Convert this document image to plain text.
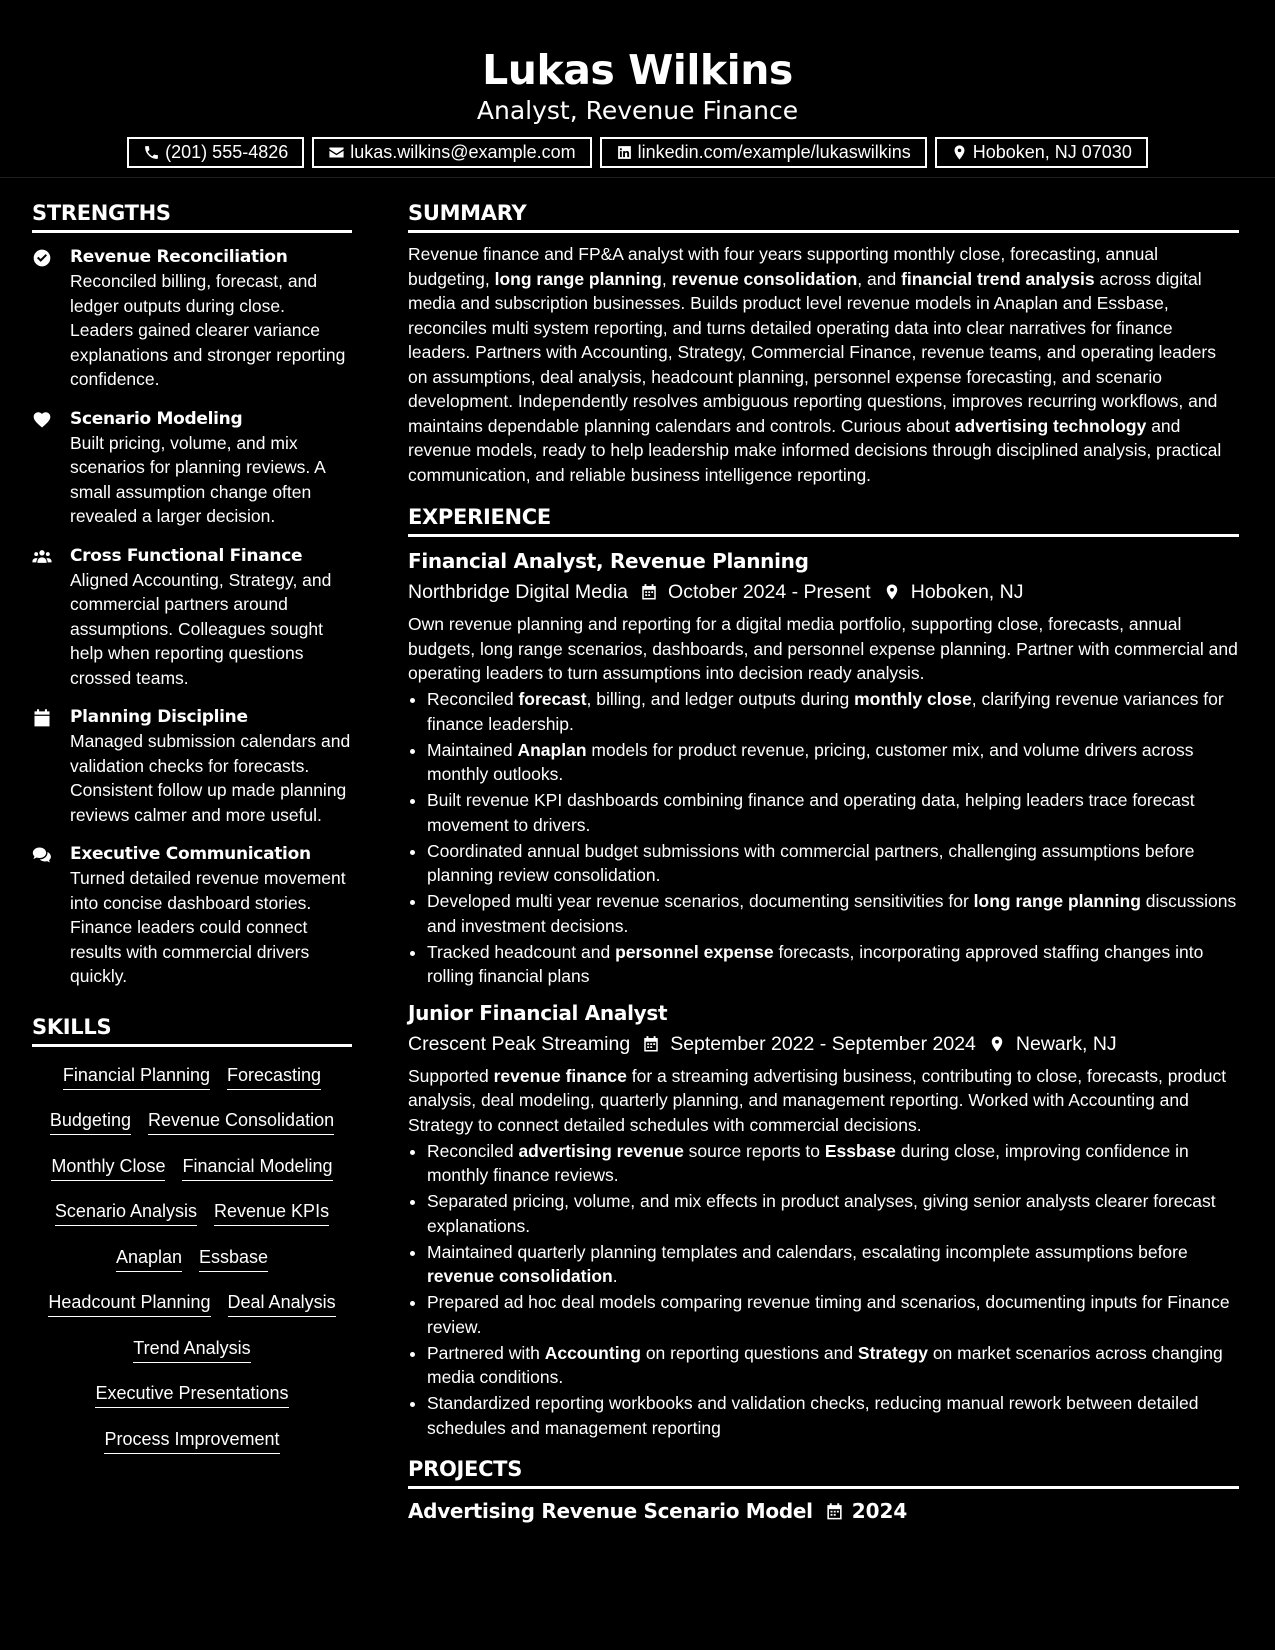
Lukas Wilkins
Analyst, Revenue Finance
(201) 555-4826	lukas.wilkins@example.com	linkedin.com/example/lukaswilkins	Hoboken, NJ 07030
STRENGTHS
Revenue Reconciliation
Reconciled billing, forecast, and ledger outputs during close. Leaders gained clearer variance explanations and stronger reporting confidence.
Scenario Modeling
Built pricing, volume, and mix scenarios for planning reviews. A small assumption change often revealed a larger decision.
Cross Functional Finance
Aligned Accounting, Strategy, and commercial partners around assumptions. Colleagues sought help when reporting questions crossed teams.
Planning Discipline
Managed submission calendars and validation checks for forecasts. Consistent follow up made planning reviews calmer and more useful.
Executive Communication
Turned detailed revenue movement into concise dashboard stories. Finance leaders could connect results with commercial drivers quickly.
SKILLS
Financial Planning Forecasting
Budgeting Revenue Consolidation
Monthly Close Financial Modeling
Scenario Analysis Revenue KPIs
Anaplan Essbase
Headcount Planning Deal Analysis
Trend Analysis
Executive Presentations
Process Improvement
SUMMARY
Revenue finance and FP&A analyst with four years supporting monthly close, forecasting, annual budgeting, long range planning, revenue consolidation, and financial trend analysis across digital media and subscription businesses. Builds product level revenue models in Anaplan and Essbase, reconciles multi system reporting, and turns detailed operating data into clear narratives for finance leaders. Partners with Accounting, Strategy, Commercial Finance, revenue teams, and operating leaders on assumptions, deal analysis, headcount planning, personnel expense forecasting, and scenario development. Independently resolves ambiguous reporting questions, improves recurring workflows, and maintains dependable planning calendars and controls. Curious about advertising technology and revenue models, ready to help leadership make informed decisions through disciplined analysis, practical communication, and reliable business intelligence reporting.
EXPERIENCE
Financial Analyst, Revenue Planning
Northbridge Digital Media October 2024 - Present Hoboken, NJ
Own revenue planning and reporting for a digital media portfolio, supporting close, forecasts, annual budgets, long range scenarios, dashboards, and personnel expense planning. Partner with commercial and operating leaders to turn assumptions into decision ready analysis.
• Reconciled forecast, billing, and ledger outputs during monthly close, clarifying revenue variances for finance leadership.
• Maintained Anaplan models for product revenue, pricing, customer mix, and volume drivers across monthly outlooks.
• Built revenue KPI dashboards combining finance and operating data, helping leaders trace forecast movement to drivers.
• Coordinated annual budget submissions with commercial partners, challenging assumptions before planning review consolidation.
• Developed multi year revenue scenarios, documenting sensitivities for long range planning discussions and investment decisions.
• Tracked headcount and personnel expense forecasts, incorporating approved staffing changes into rolling financial plans
Junior Financial Analyst
Crescent Peak Streaming September 2022 - September 2024 Newark, NJ
Supported revenue finance for a streaming advertising business, contributing to close, forecasts, product analysis, deal modeling, quarterly planning, and management reporting. Worked with Accounting and Strategy to connect detailed schedules with commercial decisions.
• Reconciled advertising revenue source reports to Essbase during close, improving confidence in monthly finance reviews.
• Separated pricing, volume, and mix effects in product analyses, giving senior analysts clearer forecast explanations.
• Maintained quarterly planning templates and calendars, escalating incomplete assumptions before revenue consolidation.
• Prepared ad hoc deal models comparing revenue timing and scenarios, documenting inputs for Finance review.
• Partnered with Accounting on reporting questions and Strategy on market scenarios across changing media conditions.
• Standardized reporting workbooks and validation checks, reducing manual rework between detailed schedules and management reporting
PROJECTS
Advertising Revenue Scenario Model 2024
